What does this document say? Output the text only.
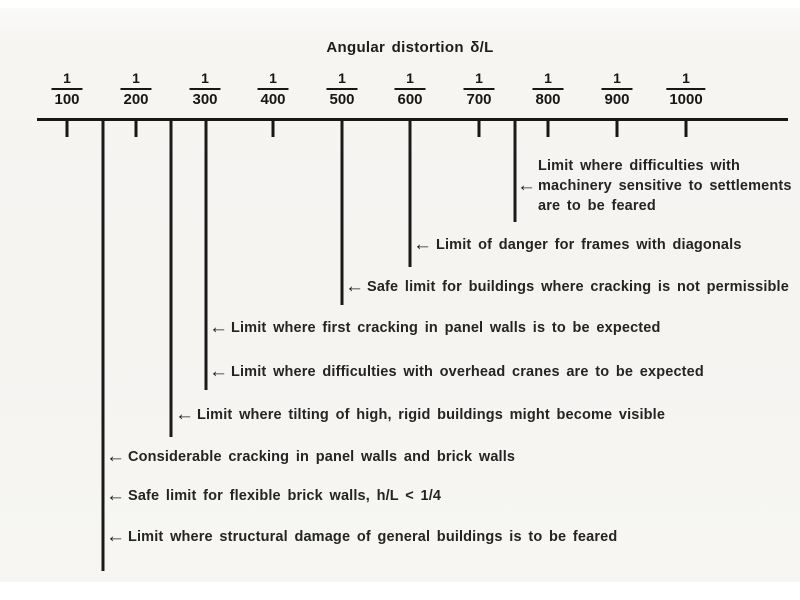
Angular distortion δ/L
$\frac{1}{100}$	$\frac{1}{200}$	$\frac{1}{300}$	$\frac{1}{400}$	$\frac{1}{500}$	$\frac{1}{600}$	$\frac{1}{700}$	$\frac{1}{800}$	$\frac{1}{900} \frac{1}{1000}$
←
Limit where difficulties with
machinery sensitive to settlements
are to be feared
← Limit of danger for frames with diagonals
← Safe limit for buildings where cracking is not permissible
← Limit where first cracking in panel walls is to be expected
← Limit where difficulties with overhead cranes are to be expected
← Limit where tilting of high, rigid buildings might become visible
← Considerable cracking in panel walls and brick walls
← Safe limit for flexible brick walls, h/L < 1/4
← Limit where structural damage of general buildings is to be feared
